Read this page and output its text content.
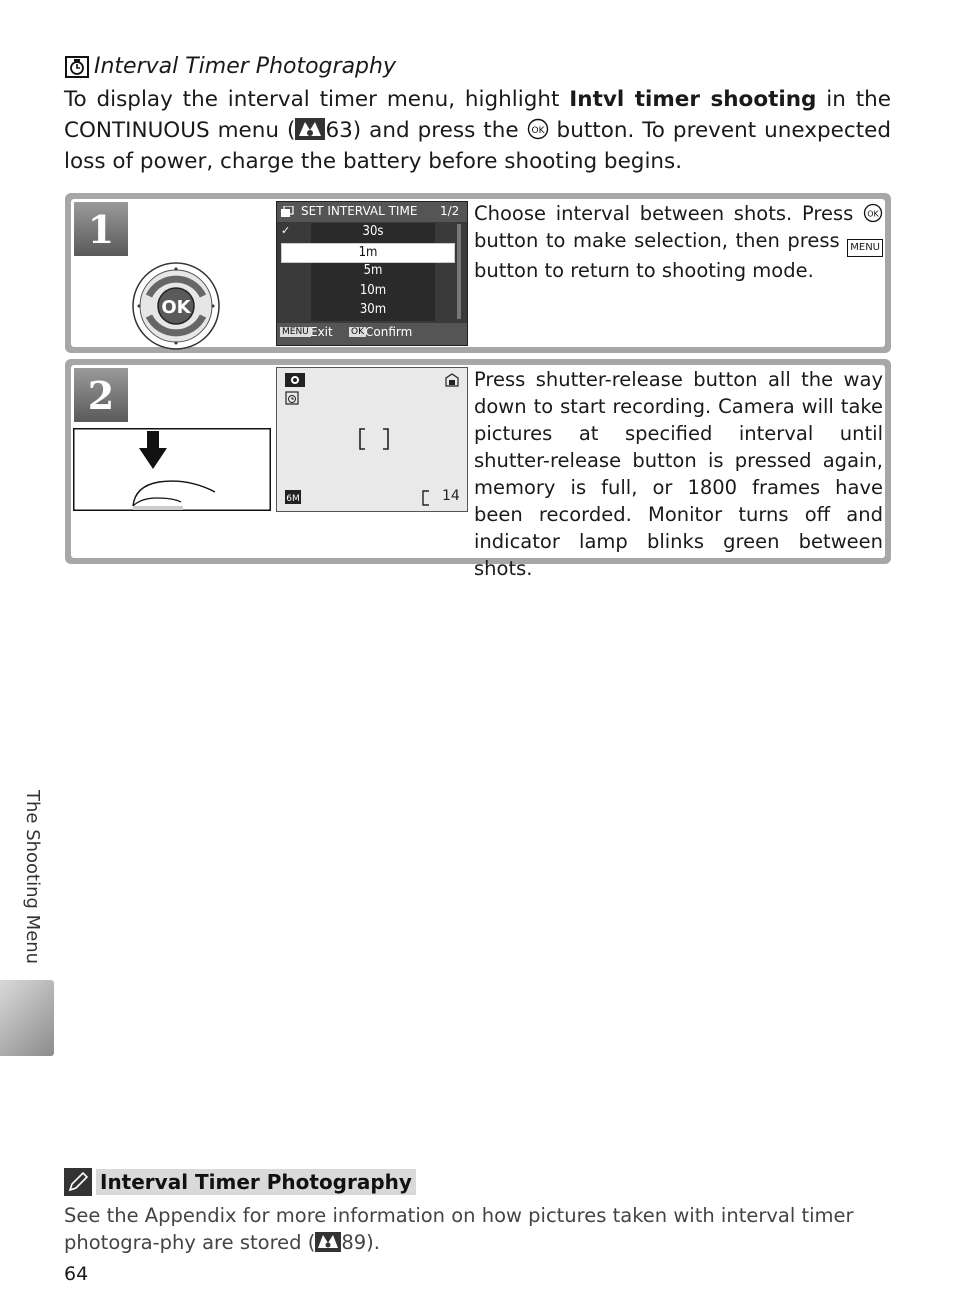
Interval Timer Photography
To display the interval timer menu, highlight Intvl timer shooting in the CONTINUOUS menu ( 63) and press the OK button. To prevent unexpected loss of power, charge the battery before shooting begins.
1
OK
SET INTERVAL TIME 1/2
✓	30s
1m
5m
10m
30m
MENU Exit OK Confirm
Choose interval between shots. Press OK
button to make selection, then press MENU button to return to shooting mode.
2
6M	14
Press shutter-release button all the way down to start recording. Camera will take pictures at specified interval until shutter-release button is pressed again, memory is full, or 1800 frames have been recorded. Monitor turns off and indicator lamp blinks green between shots.
The Shooting Menu
Interval Timer Photography
See the Appendix for more information on how pictures taken with interval timer photogra-phy are stored ( 89).
64
